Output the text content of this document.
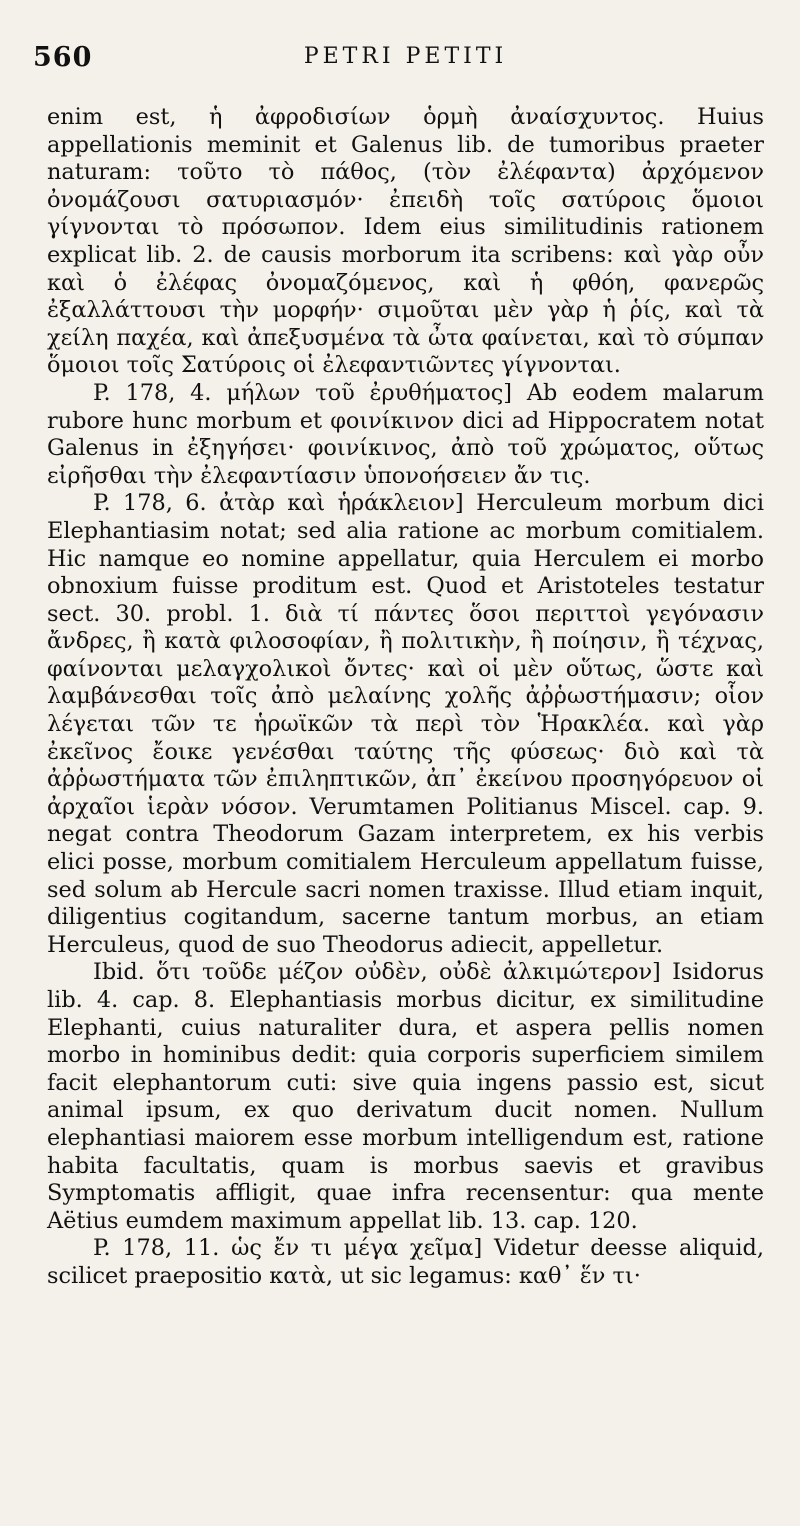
560	PETRI PETITI

enim est, ἡ ἀφροδισίων ὁρμὴ ἀναίσχυντος. Huius appellationis meminit et Galenus lib. de tumoribus praeter naturam: τοῦτο τὸ πάθος, (τὸν ἐλέφαντα) ἀρχόμενον ὀνομάζουσι σατυριασμόν· ἐπειδὴ τοῖς σατύροις ὅμοιοι γίγνονται τὸ πρόσωπον. Idem eius similitudinis rationem explicat lib. 2. de causis morborum ita scribens: καὶ γὰρ οὖν καὶ ὁ ἐλέφας ὀνομαζόμενος, καὶ ἡ φθόη, φανερῶς ἐξαλλάττουσι τὴν μορφήν· σιμοῦται μὲν γὰρ ἡ ῥίς, καὶ τὰ χείλη παχέα, καὶ ἀπεξυσμένα τὰ ὦτα φαίνεται, καὶ τὸ σύμπαν ὅμοιοι τοῖς Σατύροις οἱ ἐλεφαντιῶντες γίγνονται.

P. 178, 4. μήλων τοῦ ἐρυθήματος] Ab eodem malarum rubore hunc morbum et φοινίκινον dici ad Hippocratem notat Galenus in ἐξηγήσει· φοινίκινος, ἀπὸ τοῦ χρώματος, οὕτως εἰρῆσθαι τὴν ἐλεφαντίασιν ὑπονοήσειεν ἄν τις.

P. 178, 6. ἀτὰρ καὶ ἡράκλειον] Herculeum morbum dici Elephantiasim notat; sed alia ratione ac morbum comitialem. Hic namque eo nomine appellatur, quia Herculem ei morbo obnoxium fuisse proditum est. Quod et Aristoteles testatur sect. 30. probl. 1. διὰ τί πάντες ὅσοι περιττοὶ γεγόνασιν ἄνδρες, ἢ κατὰ φιλοσοφίαν, ἢ πολιτικὴν, ἢ ποίησιν, ἢ τέχνας, φαίνονται μελαγχολικοὶ ὄντες· καὶ οἱ μὲν οὕτως, ὥστε καὶ λαμβάνεσθαι τοῖς ἀπὸ μελαίνης χολῆς ἀῤῥωστήμασιν; οἷον λέγεται τῶν τε ἡρωϊκῶν τὰ περὶ τὸν Ἡρακλέα. καὶ γὰρ ἐκεῖνος ἔοικε γενέσθαι ταύτης τῆς φύσεως· διὸ καὶ τὰ ἀῤῥωστήματα τῶν ἐπιληπτικῶν, ἀπ᾽ ἐκείνου προσηγόρευον οἱ ἀρχαῖοι ἱερὰν νόσον. Verumtamen Politianus Miscel. cap. 9. negat contra Theodorum Gazam interpretem, ex his verbis elici posse, morbum comitialem Herculeum appellatum fuisse, sed solum ab Hercule sacri nomen traxisse. Illud etiam inquit, diligentius cogitandum, sacerne tantum morbus, an etiam Herculeus, quod de suo Theodorus adiecit, appelletur.

Ibid. ὅτι τοῦδε μέζον οὐδὲν, οὐδὲ ἀλκιμώτερον] Isidorus lib. 4. cap. 8. Elephantiasis morbus dicitur, ex similitudine Elephanti, cuius naturaliter dura, et aspera pellis nomen morbo in hominibus dedit: quia corporis superficiem similem facit elephantorum cuti: sive quia ingens passio est, sicut animal ipsum, ex quo derivatum ducit nomen. Nullum elephantiasi maiorem esse morbum intelligendum est, ratione habita facultatis, quam is morbus saevis et gravibus Symptomatis affligit, quae infra recensentur: qua mente Aëtius eumdem maximum appellat lib. 13. cap. 120.

P. 178, 11. ὡς ἔν τι μέγα χεῖμα] Videtur deesse aliquid, scilicet praepositio κατὰ, ut sic legamus: καθ᾽ ἕν τι·
